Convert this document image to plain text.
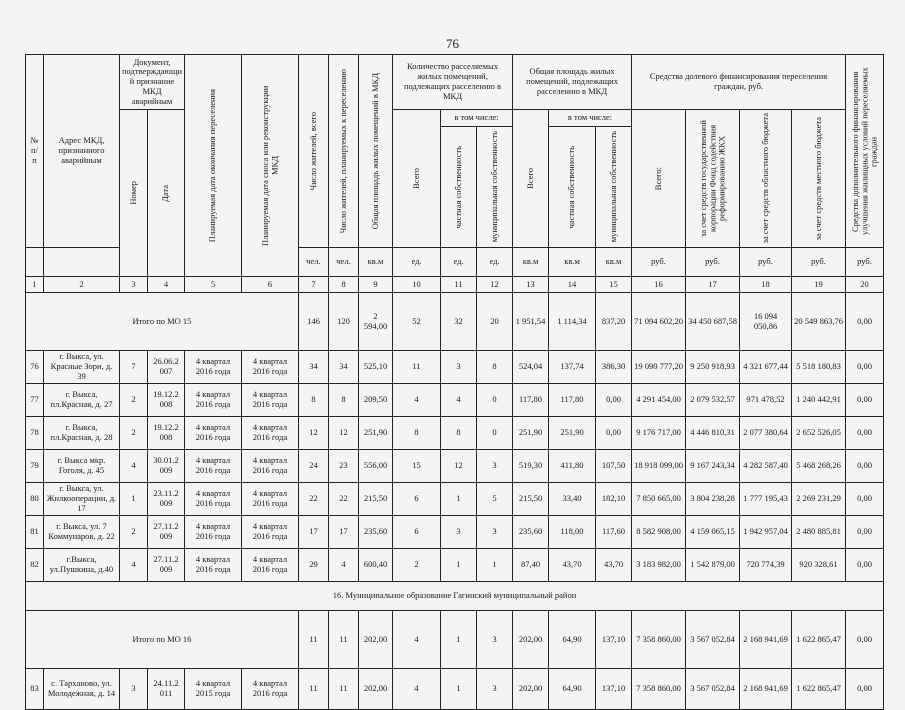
76
№ п/ п	Адрес МКД, признанного аварийным	Документ, подтверждающий признание МКД аварийным		Планируемая дата окончания переселения	Планируемая дата сноса или реконструкции МКД	Число жителей, всего	Число жителей, планируемых к переселению	Общая площадь жилых помещений в МКД	Количество расселяемых жилых помещений, подлежащих расселению в МКД			Общая площадь жилых помещений, подлежащих расселению в МКД			Средства долевого финансирования переселения граждан, руб.				Средства дополнительного финансирования улучшения жилищных условий переселяемых граждан

		Номер	Дата						Всего	в том числе:		Всего	в том числе:		Всего:	за счет средств государственной корпорации Фонд содействия реформированию ЖКХ	за счет средств областного бюджета	за счет средств местного бюджета	

										частная собственность	муниципальная собственность		частная собственность	муниципальная собственность					

						чел.	чел.	кв.м	ед.	ед.	ед.	кв.м	кв.м	кв.м	руб.	руб.	руб.	руб.	руб.
1	2	3	4	5	6	7	8	9	10	11	12	13	14	15	16	17	18	19	20
Итого по МО 15						146	120	2 594,00	52	32	20	1 951,54	1 114,34	837,20	71 094 602,20	34 450 687,58	16 094 050,86	20 549 863,76	0,00
76	г. Выкса, ул. Красные Зори, д. 39	7	26.06.2 007	4 квартал 2016 года	4 квартал 2016 года	34	34	525,10	11	3	8	524,04	137,74	386,30	19 090 777,20	9 250 918,93	4 321 677,44	5 518 180,83	0,00
77	г. Выкса, пл.Красная, д. 27	2	19.12.2 008	4 квартал 2016 года	4 квартал 2016 года	8	8	209,50	4	4	0	117,80	117,80	0,00	4 291 454,00	2 079 532,57	971 478,52	1 240 442,91	0,00
78	г. Выкса, пл.Красная, д. 28	2	19.12.2 008	4 квартал 2016 года	4 квартал 2016 года	12	12	251,90	8	8	0	251,90	251,90	0,00	9 176 717,00	4 446 810,31	2 077 380,64	2 652 526,05	0,00
79	г. Выкса мкр. Гоголя, д. 45	4	30.01.2 009	4 квартал 2016 года	4 квартал 2016 года	24	23	556,00	15	12	3	519,30	411,80	107,50	18 918 099,00	9 167 243,34	4 282 587,40	5 468 268,26	0,00
80	г. Выкса, ул. Жилкооперации, д. 17	1	23.11.2 009	4 квартал 2016 года	4 квартал 2016 года	22	22	215,50	6	1	5	215,50	33,40	182,10	7 850 665,00	3 804 238,28	1 777 195,43	2 269 231,29	0,00
81	г. Выкса, ул. 7 Коммунаров, д. 22	2	27.11.2 009	4 квартал 2016 года	4 квартал 2016 года	17	17	235,60	6	3	3	235,60	118,00	117,60	8 582 908,00	4 159 065,15	1 942 957,04	2 480 885,81	0,00
82	г.Выкса, ул.Пушкина, д.40	4	27.11.2 009	4 квартал 2016 года	4 квартал 2016 года	29	4	600,40	2	1	1	87,40	43,70	43,70	3 183 982,00	1 542 879,00	720 774,39	920 328,61	0,00
16. Муниципальное образование Гагинский муниципальный район																			
Итого по МО 16						11	11	202,00	4	1	3	202,00	64,90	137,10	7 358 860,00	3 567 052,84	2 168 941,69	1 622 865,47	0,00
83	с. Тарханово, ул. Молодежная, д. 14	3	24.11.2 011	4 квартал 2015 года	4 квартал 2016 года	11	11	202,00	4	1	3	202,00	64,90	137,10	7 358 860,00	3 567 052,84	2 168 941,69	1 622 865,47	0,00
